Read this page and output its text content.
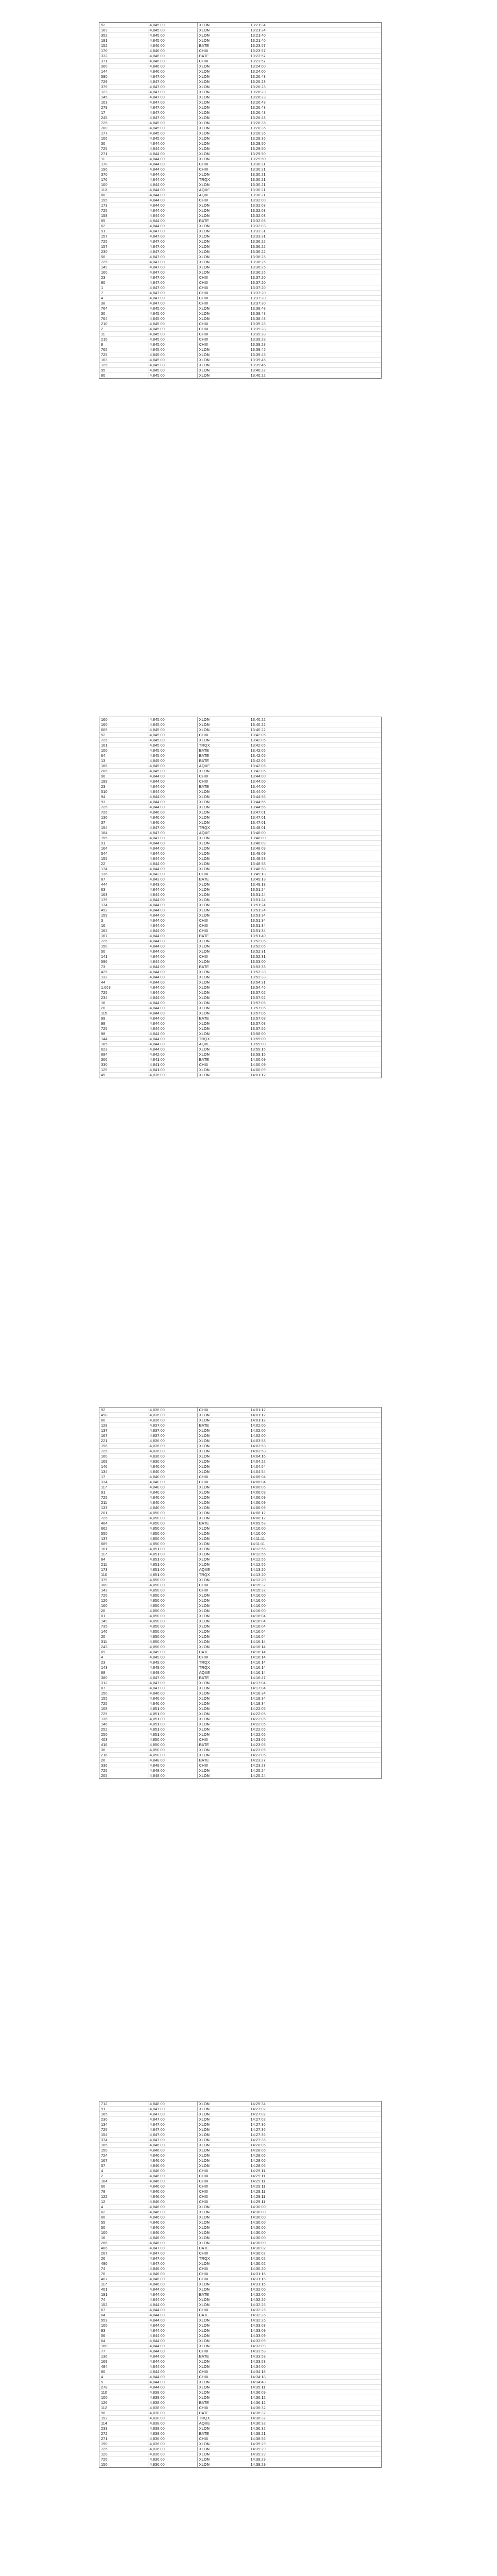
52	4,845.00	XLON	13:21:34
163	4,845.00	XLON	13:21:34
352	4,845.00	XLON	13:21:40
191	4,845.00	XLON	13:21:40
152	4,846.00	BATE	13:23:57
170	4,846.00	CHIX	13:23:57
332	4,846.00	BATE	13:23:57
371	4,846.00	CHIX	13:23:57
360	4,846.00	XLON	13:24:00
144	4,846.00	XLON	13:24:00
590	4,847.00	XLON	13:26:43
729	4,847.00	XLON	13:26:23
379	4,847.00	XLON	13:26:23
123	4,847.00	XLON	13:26:23
145	4,847.00	XLON	13:26:23
103	4,847.00	XLON	13:26:43
279	4,847.00	XLON	13:26:43
17	4,847.00	XLON	13:26:43
245	4,847.00	XLON	13:26:43
725	4,845.00	XLON	13:28:35
780	4,845.00	XLON	13:28:35
177	4,845.00	XLON	13:28:35
106	4,845.00	XLON	13:28:35
30	4,844.00	XLON	13:29:50
725	4,844.00	XLON	13:29:50
271	4,844.00	XLON	13:29:50
11	4,844.00	XLON	13:29:50
178	4,844.00	CHIX	13:30:21
196	4,844.00	CHIX	13:30:21
370	4,844.00	XLON	13:30:21
176	4,844.00	TRQX	13:30:21
100	4,844.00	XLON	13:30:21
113	4,844.00	AQXE	13:30:21
86	4,844.00	AQXE	13:30:21
195	4,844.00	CHIX	13:32:00
173	4,844.00	XLON	13:32:03
725	4,844.00	XLON	13:32:03
158	4,844.00	XLON	13:32:03
65	4,844.00	BATE	13:32:03
62	4,844.00	XLON	13:32:03
91	4,847.00	XLON	13:33:31
157	4,847.00	XLON	13:33:31
725	4,847.00	XLON	13:36:22
157	4,847.00	XLON	13:36:22
230	4,847.00	XLON	13:36:22
50	4,847.00	XLON	13:36:25
725	4,847.00	XLON	13:36:25
149	4,847.00	XLON	13:36:25
160	4,847.00	XLON	13:36:25
23	4,847.00	CHIX	13:37:20
80	4,847.00	CHIX	13:37:20
1	4,847.00	CHIX	13:37:20
7	4,847.00	CHIX	13:37:20
4	4,847.00	CHIX	13:37:20
38	4,847.00	CHIX	13:37:30
764	4,845.00	XLON	13:38:48
30	4,845.00	XLON	13:38:48
764	4,845.00	XLON	13:38:48
210	4,845.00	CHIX	13:39:28
2	4,845.00	CHIX	13:39:28
11	4,845.00	CHIX	13:39:28
215	4,845.00	CHIX	13:39:28
8	4,845.00	CHIX	13:39:28
765	4,845.00	XLON	13:39:45
725	4,845.00	XLON	13:39:45
163	4,845.00	XLON	13:39:45
125	4,845.00	XLON	13:39:45
95	4,845.00	XLON	13:40:22
80	4,845.00	XLON	13:40:22
160	4,845.00	XLON	13:40:22
160	4,845.00	XLON	13:40:22
609	4,845.00	XLON	13:40:22
52	4,845.00	CHIX	13:42:05
725	4,845.00	XLON	13:42:05
161	4,845.00	TRQX	13:42:05
100	4,845.00	BATE	13:42:05
64	4,845.00	BATE	13:42:05
13	4,845.00	BATE	13:42:05
166	4,845.00	AQXE	13:42:05
206	4,845.00	XLON	13:42:05
96	4,844.00	CHIX	13:44:00
199	4,844.00	CHIX	13:44:00
23	4,844.00	BATE	13:44:00
510	4,844.00	XLON	13:44:00
94	4,844.00	XLON	13:44:56
93	4,844.00	XLON	13:44:56
725	4,844.00	XLON	13:44:56
725	4,846.00	XLON	13:47:01
136	4,846.00	XLON	13:47:01
37	4,846.00	XLON	13:47:01
154	4,847.00	TRQX	13:48:01
184	4,847.00	AQXE	13:48:00
155	4,847.00	XLON	13:48:00
91	4,844.00	XLON	13:48:09
164	4,844.00	XLON	13:48:09
544	4,844.00	XLON	13:48:09
155	4,844.00	XLON	13:48:58
22	4,844.00	XLON	13:48:58
174	4,844.00	XLON	13:48:58
136	4,843.00	CHIX	13:49:13
87	4,843.00	BATE	13:49:13
444	4,843.00	XLON	13:49:13
63	4,844.00	XLON	13:51:24
163	4,844.00	XLON	13:51:24
179	4,844.00	XLON	13:51:24
174	4,844.00	XLON	13:51:24
492	4,844.00	XLON	13:51:24
159	4,844.00	XLON	13:51:34
3	4,844.00	CHIX	13:51:34
16	4,844.00	CHIX	13:51:34
164	4,844.00	CHIX	13:51:34
167	4,844.00	BATE	13:51:40
725	4,844.00	XLON	13:52:06
150	4,844.00	XLON	13:52:06
50	4,844.00	XLON	13:52:31
141	4,844.00	CHIX	13:52:31
596	4,844.00	XLON	13:53:00
73	4,844.00	BATE	13:53:33
425	4,844.00	XLON	13:53:33
132	4,844.00	XLON	13:53:33
44	4,844.00	XLON	13:54:31
1,063	4,844.00	XLON	13:54:46
725	4,844.00	XLON	13:57:02
234	4,844.00	XLON	13:57:02
16	4,844.00	XLON	13:57:06
20	4,844.00	XLON	13:57:06
115	4,844.00	XLON	13:57:06
99	4,844.00	BATE	13:57:08
98	4,844.00	XLON	13:57:08
725	4,844.00	XLON	13:57:56
98	4,844.00	XLON	13:58:00
144	4,844.00	TRQX	13:59:00
185	4,844.00	AQXE	13:59:00
623	4,844.00	XLON	13:59:15
684	4,842.00	XLON	13:59:15
306	4,841.00	BATE	14:00:09
330	4,841.00	CHIX	14:00:09
129	4,841.00	XLON	14:00:09
45	4,836.00	XLON	14:01:12
92	4,836.00	CHIX	14:01:12
498	4,836.00	XLON	14:01:12
60	4,836.00	XLON	14:01:12
128	4,837.00	BATE	14:02:00
137	4,837.00	XLON	14:02:00
167	4,837.00	XLON	14:02:00
221	4,836.00	XLON	14:03:53
196	4,836.00	XLON	14:03:53
725	4,836.00	XLON	14:03:53
160	4,836.00	XLON	14:04:16
168	4,836.00	XLON	14:04:22
146	4,840.00	XLON	14:04:54
134	4,840.00	XLON	14:04:54
17	4,840.00	CHIX	14:06:04
334	4,840.00	CHIX	14:06:04
117	4,840.00	XLON	14:06:06
91	4,840.00	XLON	14:06:09
725	4,840.00	XLON	14:06:09
211	4,840.00	XLON	14:06:09
133	4,840.00	XLON	14:06:09
201	4,850.00	XLON	14:08:12
725	4,850.00	XLON	14:08:12
464	4,850.00	BATE	14:09:53
662	4,850.00	XLON	14:10:00
550	4,850.00	XLON	14:10:00
137	4,850.00	XLON	14:11:11
689	4,850.00	XLON	14:11:11
101	4,851.00	XLON	14:12:55
117	4,851.00	XLON	14:12:55
84	4,851.00	XLON	14:12:55
211	4,851.00	XLON	14:12:55
173	4,851.00	AQXE	14:13:20
110	4,851.00	TRQX	14:13:20
379	4,850.00	XLON	14:13:20
360	4,850.00	CHIX	14:15:32
143	4,850.00	CHIX	14:15:32
725	4,850.00	XLON	14:16:00
120	4,850.00	XLON	14:16:00
160	4,850.00	XLON	14:16:00
20	4,850.00	XLON	14:16:00
81	4,850.00	XLON	14:16:04
149	4,850.00	XLON	14:16:04
735	4,850.00	XLON	14:16:04
146	4,850.00	XLON	14:16:04
20	4,850.00	XLON	14:16:04
311	4,850.00	XLON	14:16:14
243	4,850.00	XLON	14:16:14
69	4,849.00	BATE	14:16:14
4	4,849.00	CHIX	14:16:14
23	4,849.00	TRQX	14:16:14
143	4,849.00	TRQX	14:16:14
68	4,849.00	AQXE	14:16:14
380	4,847.00	BATE	14:16:47
312	4,847.00	XLON	14:17:04
87	4,847.00	XLON	14:17:04
150	4,846.00	XLON	14:18:34
155	4,846.00	XLON	14:18:34
725	4,846.00	XLON	14:18:34
108	4,851.00	XLON	14:22:05
725	4,851.00	XLON	14:22:05
136	4,851.00	XLON	14:22:05
146	4,851.00	XLON	14:22:05
252	4,851.00	XLON	14:22:05
250	4,851.00	XLON	14:22:05
403	4,850.00	CHIX	14:23:05
416	4,850.00	BATE	14:23:05
38	4,850.00	XLON	14:23:05
216	4,850.00	XLON	14:23:05
26	4,848.00	BATE	14:23:27
336	4,848.00	CHIX	14:23:27
725	4,848.00	XLON	14:25:24
205	4,848.00	XLON	14:25:24
712	4,848.00	XLON	14:25:34
91	4,847.00	XLON	14:27:02
165	4,847.00	XLON	14:27:02
230	4,847.00	XLON	14:27:02
134	4,847.00	XLON	14:27:36
725	4,847.00	XLON	14:27:36
154	4,847.00	XLON	14:27:36
374	4,847.00	XLON	14:27:36
165	4,846.00	XLON	14:28:06
150	4,846.00	XLON	14:28:06
724	4,846.00	XLON	14:28:06
167	4,846.00	XLON	14:28:06
57	4,846.00	XLON	14:28:06
4	4,846.00	CHIX	14:29:11
2	4,846.00	CHIX	14:29:11
184	4,846.00	CHIX	14:29:11
60	4,846.00	CHIX	14:29:11
78	4,846.00	CHIX	14:29:11
122	4,846.00	CHIX	14:29:11
12	4,846.00	CHIX	14:29:11
4	4,846.00	XLON	14:30:00
62	4,846.00	XLON	14:30:00
60	4,846.00	XLON	14:30:00
55	4,846.00	XLON	14:30:00
50	4,846.00	XLON	14:30:00
100	4,846.00	XLON	14:30:00
16	4,846.00	XLON	14:30:00
266	4,846.00	XLON	14:30:00
486	4,847.00	BATE	14:30:02
207	4,847.00	CHIX	14:30:02
26	4,847.00	TRQX	14:30:02
496	4,847.00	XLON	14:30:02
74	4,846.00	CHIX	14:30:20
70	4,846.00	CHIX	14:31:16
407	4,846.00	CHIX	14:31:16
117	4,846.00	XLON	14:31:16
401	4,844.00	XLON	14:32:00
191	4,844.00	BATE	14:32:00
74	4,844.00	XLON	14:32:26
152	4,844.00	XLON	14:32:26
67	4,844.00	CHIX	14:32:26
64	4,844.00	BATE	14:32:26
553	4,844.00	XLON	14:32:26
100	4,844.00	XLON	14:33:03
93	4,844.00	XLON	14:33:09
56	4,844.00	XLON	14:33:09
64	4,844.00	XLON	14:33:09
160	4,844.00	XLON	14:33:09
77	4,844.00	CHIX	14:33:53
136	4,844.00	BATE	14:33:53
168	4,844.00	XLON	14:33:53
484	4,844.00	XLON	14:34:00
80	4,844.00	CHIX	14:34:18
4	4,844.00	CHIX	14:34:18
5	4,844.00	XLON	14:34:48
278	4,844.00	XLON	14:35:11
110	4,838.00	XLON	14:36:09
100	4,838.00	XLON	14:36:12
126	4,838.00	BATE	14:36:12
112	4,838.00	CHIX	14:36:32
90	4,838.00	BATE	14:36:32
192	4,838.00	TRQX	14:36:32
114	4,838.00	AQXE	14:36:32
233	4,838.00	XLON	14:36:32
272	4,838.00	BATE	14:38:21
271	4,836.00	CHIX	14:38:56
190	4,836.00	XLON	14:39:29
725	4,836.00	XLON	14:39:29
120	4,836.00	XLON	14:39:29
725	4,836.00	XLON	14:39:29
150	4,836.00	XLON	14:39:29
